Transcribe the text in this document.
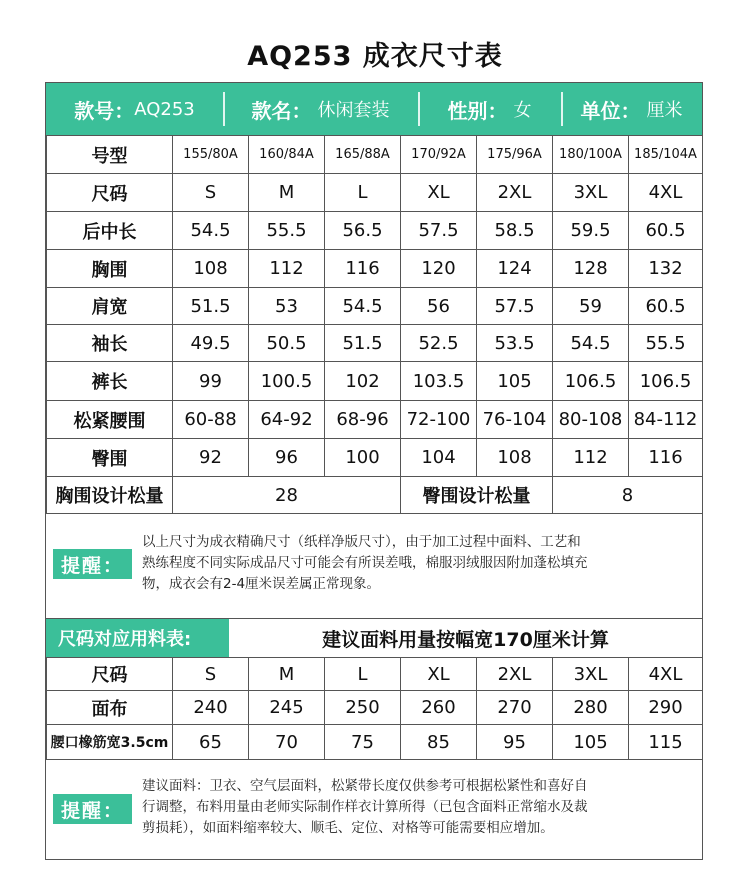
AQ253 成衣尺寸表
款号： AQ253	款名： 休闲套装	性别： 女 单位： 厘米
号型	155/80A	160/84A	165/88A	170/92A	175/96A	180/100A	185/104A
尺码	S	M	L	XL	2XL	3XL	4XL
后中长	54.5	55.5	56.5	57.5	58.5	59.5	60.5
胸围	108	112	116	120	124	128	132
肩宽	51.5	53	54.5	56	57.5	59	60.5
袖长	49.5	50.5	51.5	52.5	53.5	54.5	55.5
裤长	99	100.5	102	103.5	105	106.5	106.5
松紧腰围	60-88	64-92	68-96	72-100	76-104	80-108	84-112
臀围	92	96	100	104	108	112	116
胸围设计松量	28			臀围设计松量		8	
提醒：
以上尺寸为成衣精确尺寸（纸样净版尺寸），由于加工过程中面料、工艺和
熟练程度不同实际成品尺寸可能会有所误差哦，棉服羽绒服因附加蓬松填充
物，成衣会有2-4厘米误差属正常现象。
尺码对应用料表:	建议面料用量按幅宽170厘米计算
尺码	S	M	L	XL	2XL	3XL	4XL
面布	240	245	250	260	270	280	290
腰口橡筋宽3.5cm	65	70	75	85	95	105	115
提醒：
建议面料：卫衣、空气层面料，松紧带长度仅供参考可根据松紧性和喜好自
行调整，布料用量由老师实际制作样衣计算所得（已包含面料正常缩水及裁
剪损耗），如面料缩率较大、顺毛、定位、对格等可能需要相应增加。
